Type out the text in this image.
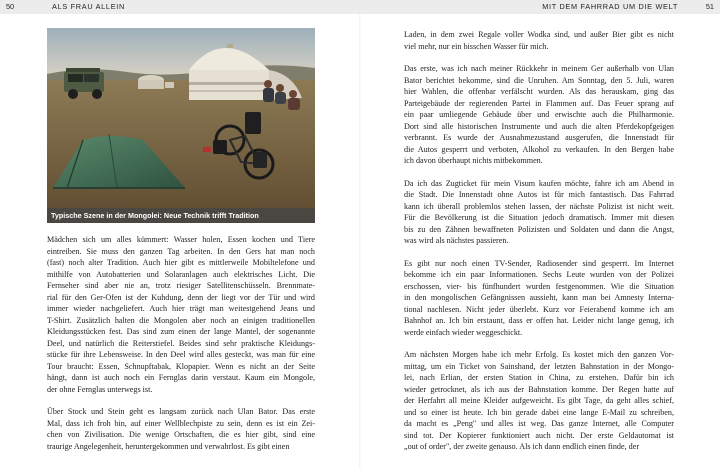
50	ALS FRAU ALLEIN	MIT DEM FAHRRAD UM DIE WELT	51
Typische Szene in der Mongolei: Neue Technik trifft Tradition

Mädchen sich um alles kümmert: Wasser holen, Essen kochen und Tiere
eintreiben. Sie muss den ganzen Tag arbeiten. In den Gers hat man noch
(fast) noch alter Tradition. Auch hier gibt es mittlerweile Mobiltelefone und
mithilfe von Autobatterien und Solaranlagen auch elektrisches Licht. Die
Fernseher sind aber nie an, trotz riesiger Satellitenschüsseln. Brennmate-
rial für den Ger-Ofen ist der Kuhdung, denn der liegt vor der Tür und wird
immer wieder nachgeliefert. Auch hier trägt man weitestgehend Jeans und
T-Shirt. Zusätzlich halten die Mongolen aber noch an einigen traditionellen
Kleidungsstücken fest. Das sind zum einen der lange Mantel, der sogenannte
Deel, und natürlich die Reiterstiefel. Beides sind sehr praktische Kleidungs-
stücke für ihre Lebensweise. In den Deel wird alles gesteckt, was man für eine
Tour braucht: Essen, Schnupftabak, Klopapier. Wenn es nicht an der Seite
hängt, dann ist auch noch ein Fernglas darin verstaut. Kaum ein Mongole,
der ohne Fernglas unterwegs ist.

Über Stock und Stein geht es langsam zurück nach Ulan Bator. Das erste
Mal, dass ich froh bin, auf einer Wellblechpiste zu sein, denn es ist ein Zei-
chen von Zivilisation. Die wenige Ortschaften, die es hier gibt, sind eine
traurige Angelegenheit, heruntergekommen und verwahrlost. Es gibt einen

Laden, in dem zwei Regale voller Wodka sind, und außer Bier gibt es nicht
viel mehr, nur ein bisschen Wasser für mich.

Das erste, was ich nach meiner Rückkehr in meinem Ger außerhalb von Ulan
Bator berichtet bekomme, sind die Unruhen. Am Sonntag, den 5. Juli, waren
hier Wahlen, die offenbar verfälscht wurden. Als das herauskam, ging das
Parteigebäude der regierenden Partei in Flammen auf. Das Feuer sprang auf
ein paar umliegende Gebäude über und erwischte auch die Philharmonie.
Dort sind alle historischen Instrumente und auch die alten Pferdekopfgeigen
verbrannt. Es wurde der Ausnahmezustand ausgerufen, die Innenstadt für
die Autos gesperrt und verboten, Alkohol zu verkaufen. In den Bergen habe
ich davon überhaupt nichts mitbekommen.

Da ich das Zugticket für mein Visum kaufen möchte, fahre ich am Abend in
die Stadt. Die Innenstadt ohne Autos ist für mich fantastisch. Das Fahrrad
kann ich überall problemlos stehen lassen, der nächste Polizist ist nicht weit.
Für die Bevölkerung ist die Situation jedoch dramatisch. Immer mit diesen
bis zu den Zähnen bewaffneten Polizisten und Soldaten und dann die Angst,
was wird als nächstes passieren.

Es gibt nur noch einen TV-Sender, Radiosender sind gesperrt. Im Internet
bekomme ich ein paar Informationen. Sechs Leute wurden von der Polizei
erschossen, vier- bis fünfhundert wurden festgenommen. Wie die Situation
in den mongolischen Gefängnissen aussieht, kann man bei Amnesty Interna-
tional nachlesen. Nicht jeder überlebt. Kurz vor Feierabend komme ich am
Bahnhof an. Ich bin erstaunt, dass er offen hat. Leider nicht lange genug, ich
werde einfach wieder weggeschickt.

Am nächsten Morgen habe ich mehr Erfolg. Es kostet mich den ganzen Vor-
mittag, um ein Ticket von Sainshand, der letzten Bahnstation in der Mongo-
lei, nach Erlian, der ersten Station in China, zu erstehen. Dafür bin ich
wieder getrocknet, als ich aus der Bahnstation komme. Der Regen hatte auf
der Herfahrt all meine Kleider aufgeweicht. Es gibt Tage, da geht alles schief,
und so einer ist heute. Ich bin gerade dabei eine lange E-Mail zu schreiben,
da macht es „Peng" und alles ist weg. Das ganze Internet, alle Computer
sind tot. Der Kopierer funktioniert auch nicht. Der erste Geldautomat ist
„out of order", der zweite genauso. Als ich dann endlich einen finde, der
